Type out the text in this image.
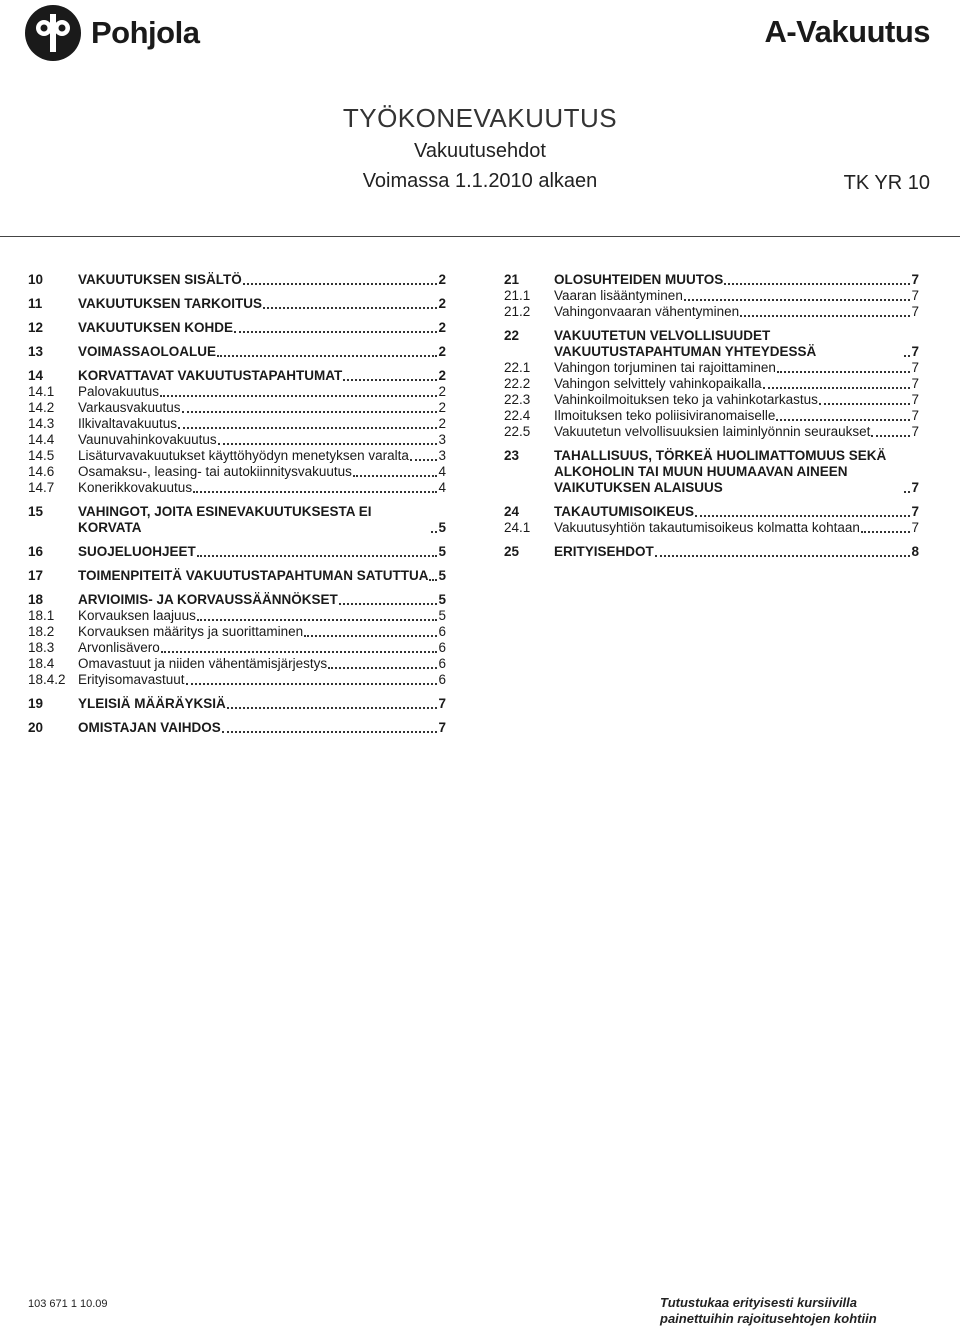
Pohjola	A-Vakuutus
TYÖKONEVAKUUTUS
Vakuutusehdot
Voimassa 1.1.2010 alkaen	TK YR 10
10	VAKUUTUKSEN SISÄLTÖ	2
11	VAKUUTUKSEN TARKOITUS	2
12	VAKUUTUKSEN KOHDE	2
13	VOIMASSAOLOALUE	2
14	KORVATTAVAT VAKUUTUSTAPAHTUMAT	2
14.1	Palovakuutus	2
14.2	Varkausvakuutus	2
14.3	Ilkivaltavakuutus	2
14.4	Vaunuvahinkovakuutus	3
14.5	Lisäturvavakuutukset käyttöhyödyn menetyksen varalta 3
14.6	Osamaksu-, leasing- tai autokiinnitysvakuutus	4
14.7	Konerikkovakuutus	4
15	VAHINGOT, JOITA ESINEVAKUUTUKSESTA EI KORVATA	5
16	SUOJELUOHJEET	5
17	TOIMENPITEITÄ VAKUUTUSTAPAHTUMAN SATUTTUA 5
18	ARVIOIMIS- JA KORVAUSSÄÄNNÖKSET	5
18.1	Korvauksen laajuus	5
18.2	Korvauksen määritys ja suorittaminen	6
18.3	Arvonlisävero	6
18.4	Omavastuut ja niiden vähentämisjärjestys	6
18.4.2 Erityisomavastuut	6
19	YLEISIÄ MÄÄRÄYKSIÄ	7
20	OMISTAJAN VAIHDOS	7
21	OLOSUHTEIDEN MUUTOS	7
21.1	Vaaran lisääntyminen	7
21.2	Vahingonvaaran vähentyminen	7
22	VAKUUTETUN VELVOLLISUUDET VAKUUTUSTAPAHTUMAN YHTEYDESSÄ	7
22.1	Vahingon torjuminen tai rajoittaminen	7
22.2	Vahingon selvittely vahinkopaikalla	7
22.3	Vahinkoilmoituksen teko ja vahinkotarkastus	7
22.4	Ilmoituksen teko poliisiviranomaiselle	7
22.5	Vakuutetun velvollisuuksien laiminlyönnin seuraukset	7
23	TAHALLISUUS, TÖRKEÄ HUOLIMATTOMUUS SEKÄ ALKOHOLIN TAI MUUN HUUMAAVAN AINEEN VAIKUTUKSEN ALAISUUS	7
24	TAKAUTUMISOIKEUS	7
24.1	Vakuutusyhtiön takautumisoikeus kolmatta kohtaan	7
25	ERITYISEHDOT	8
103 671 1 10.09	Tutustukaa erityisesti kursiivilla painettuihin rajoitusehtojen kohtiin
